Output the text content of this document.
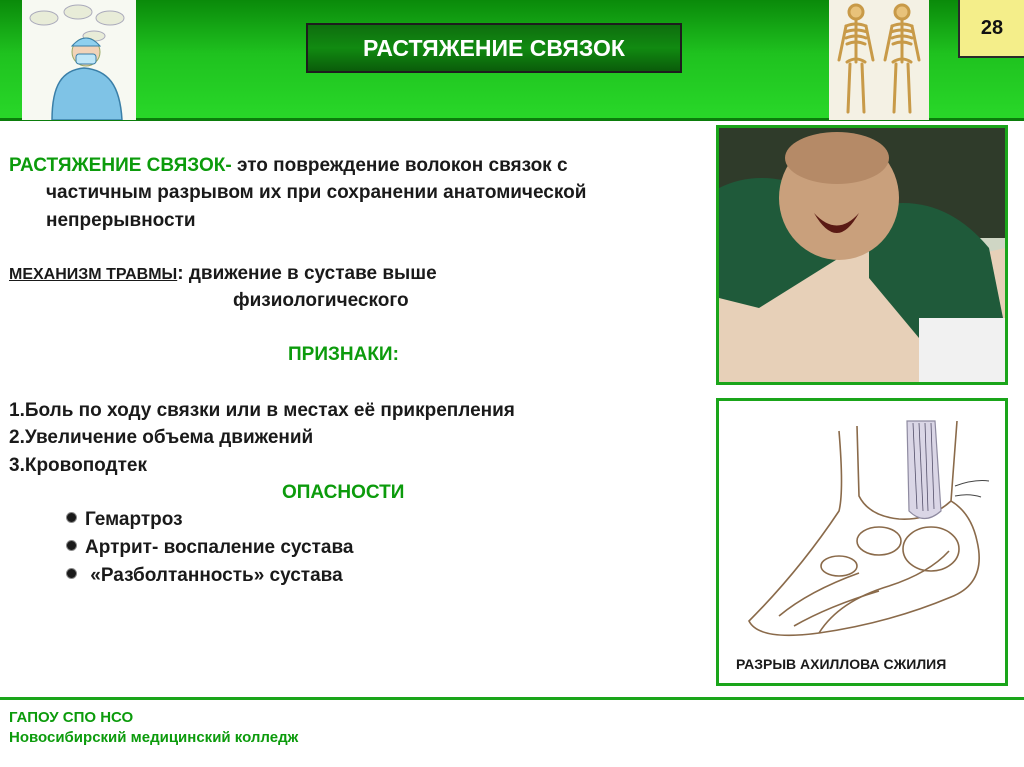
РАСТЯЖЕНИЕ СВЯЗОК
28
РАСТЯЖЕНИЕ СВЯЗОК- это повреждение волокон связок с
частичным разрывом их при сохранении анатомической
непрерывности
МЕХАНИЗМ ТРАВМЫ: движение в суставе выше
физиологического
ПРИЗНАКИ:
1.Боль по ходу связки или в местах её прикрепления
2.Увеличение объема движений
3.Кровоподтек
ОПАСНОСТИ
Гемартроз
Артрит- воспаление сустава
«Разболтанность» сустава
РАЗРЫВ АХИЛЛОВА СЖИЛИЯ
ГАПОУ СПО НСО
Новосибирский медицинский колледж
